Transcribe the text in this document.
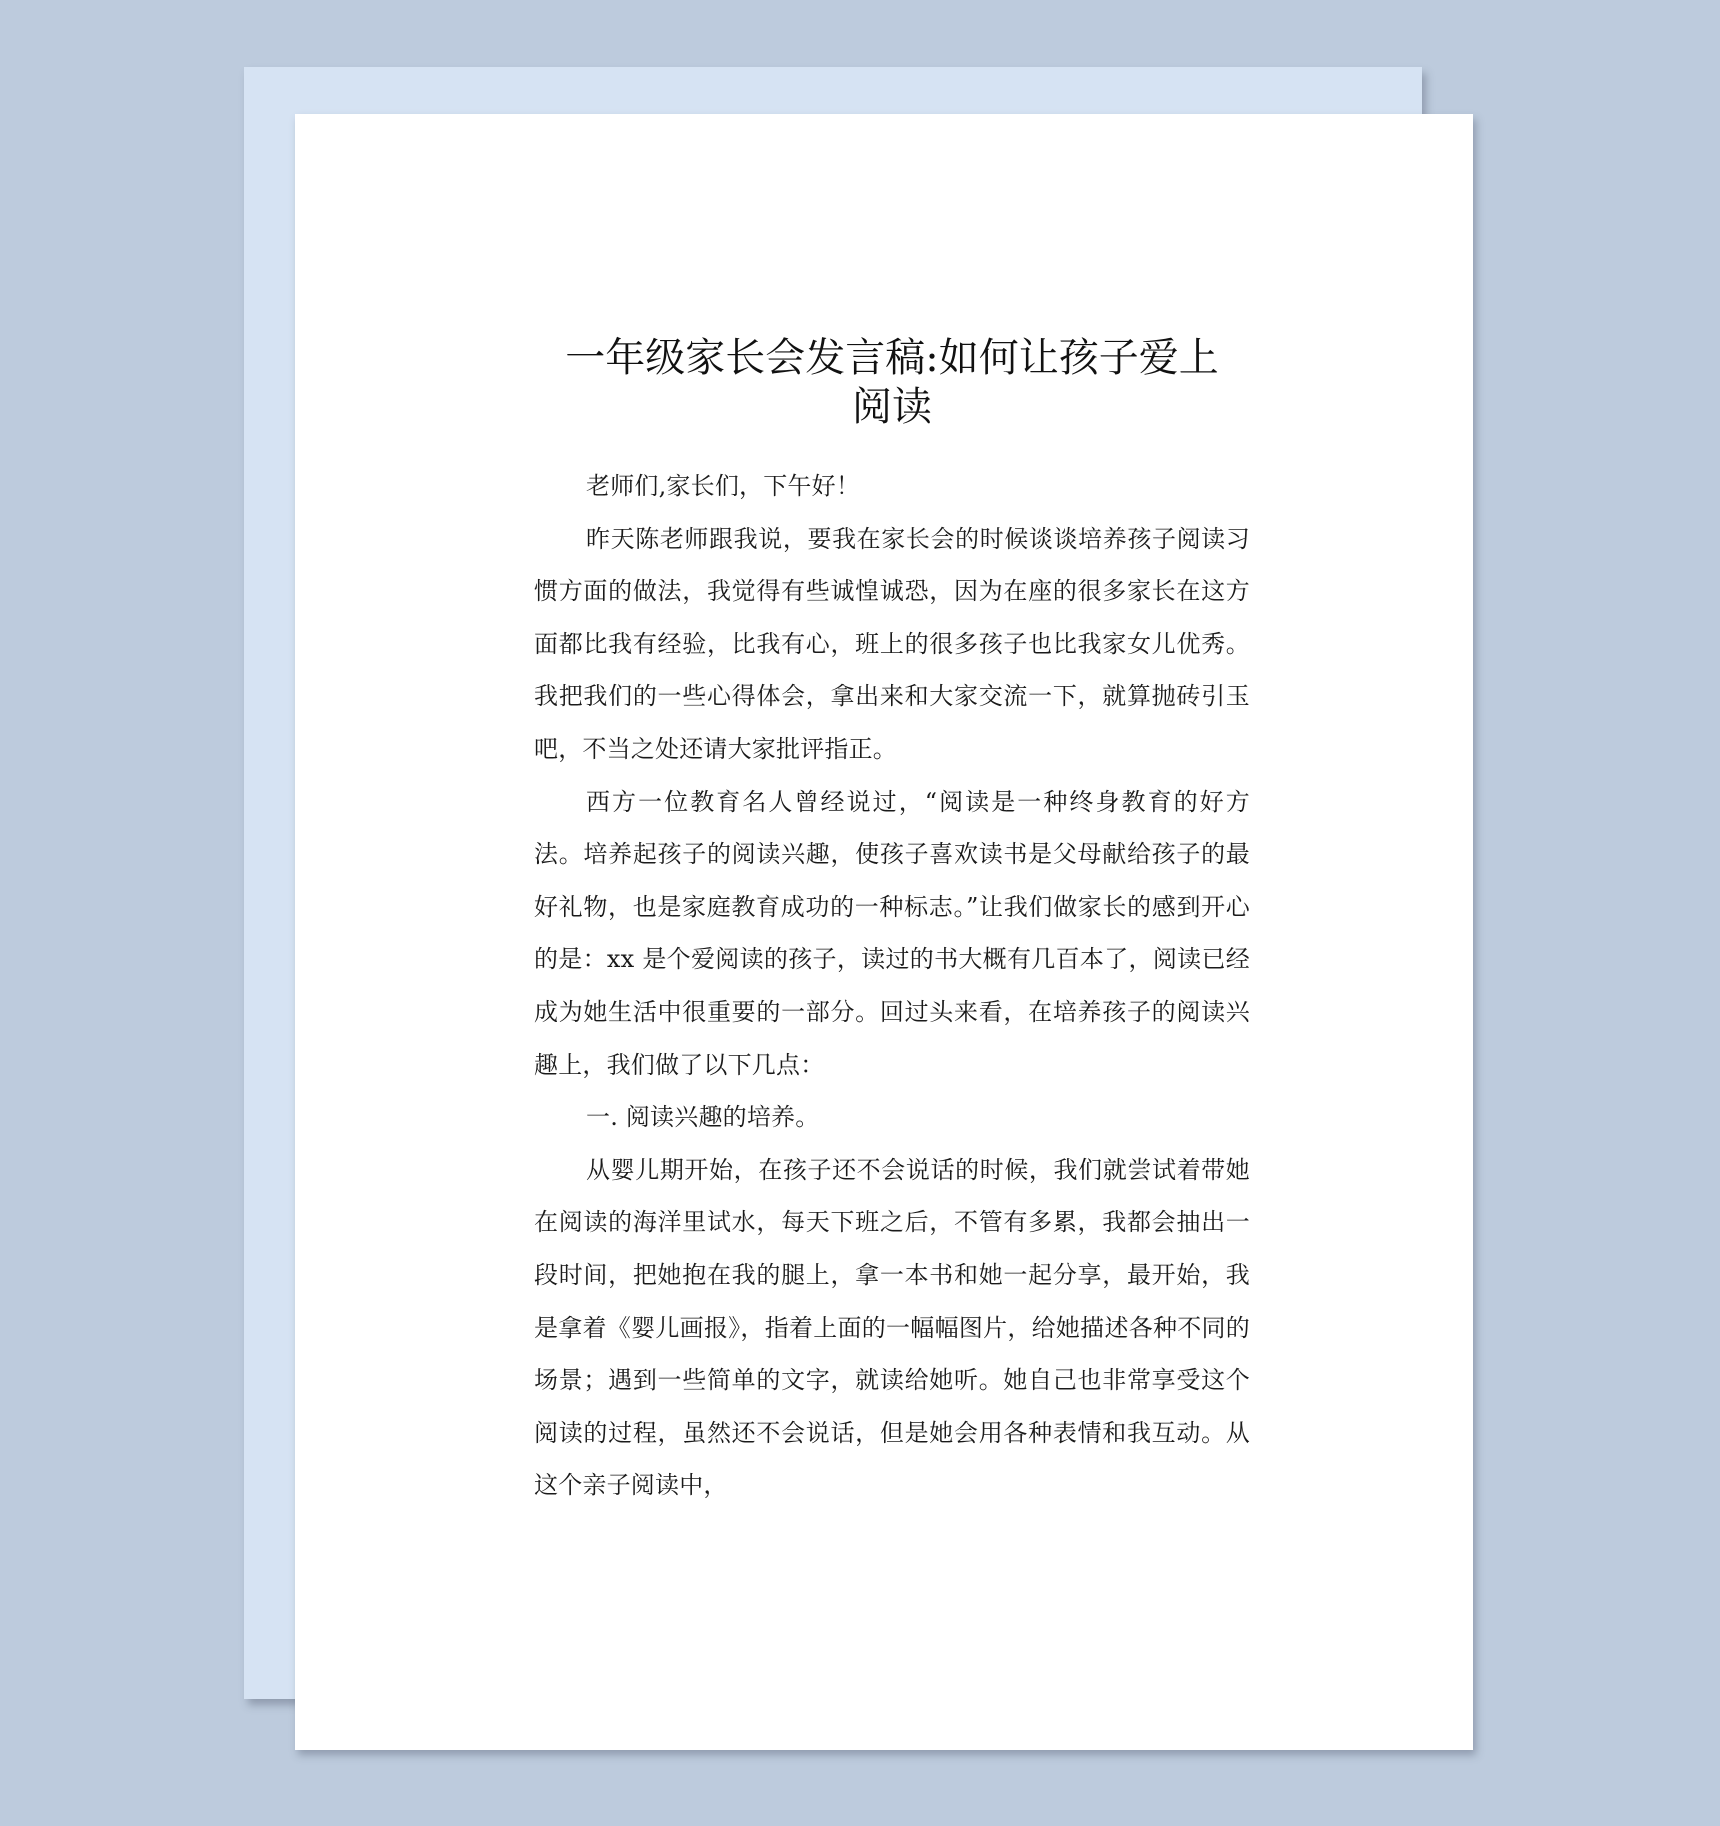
一年级家长会发言稿:如何让孩子爱上
阅读

老师们,家长们，下午好！

昨天陈老师跟我说，要我在家长会的时候谈谈培养孩子阅读习惯方面的做法，我觉得有些诚惶诚恐，因为在座的很多家长在这方面都比我有经验，比我有心，班上的很多孩子也比我家女儿优秀。我把我们的一些心得体会，拿出来和大家交流一下，就算抛砖引玉吧，不当之处还请大家批评指正。

西方一位教育名人曾经说过，“阅读是一种终身教育的好方法。培养起孩子的阅读兴趣，使孩子喜欢读书是父母献给孩子的最好礼物，也是家庭教育成功的一种标志。”让我们做家长的感到开心的是：xx 是个爱阅读的孩子，读过的书大概有几百本了，阅读已经成为她生活中很重要的一部分。回过头来看，在培养孩子的阅读兴趣上，我们做了以下几点：

一. 阅读兴趣的培养。

从婴儿期开始，在孩子还不会说话的时候，我们就尝试着带她在阅读的海洋里试水，每天下班之后，不管有多累，我都会抽出一段时间，把她抱在我的腿上，拿一本书和她一起分享，最开始，我是拿着《婴儿画报》，指着上面的一幅幅图片，给她描述各种不同的场景；遇到一些简单的文字，就读给她听。她自己也非常享受这个阅读的过程，虽然还不会说话，但是她会用各种表情和我互动。从这个亲子阅读中，
